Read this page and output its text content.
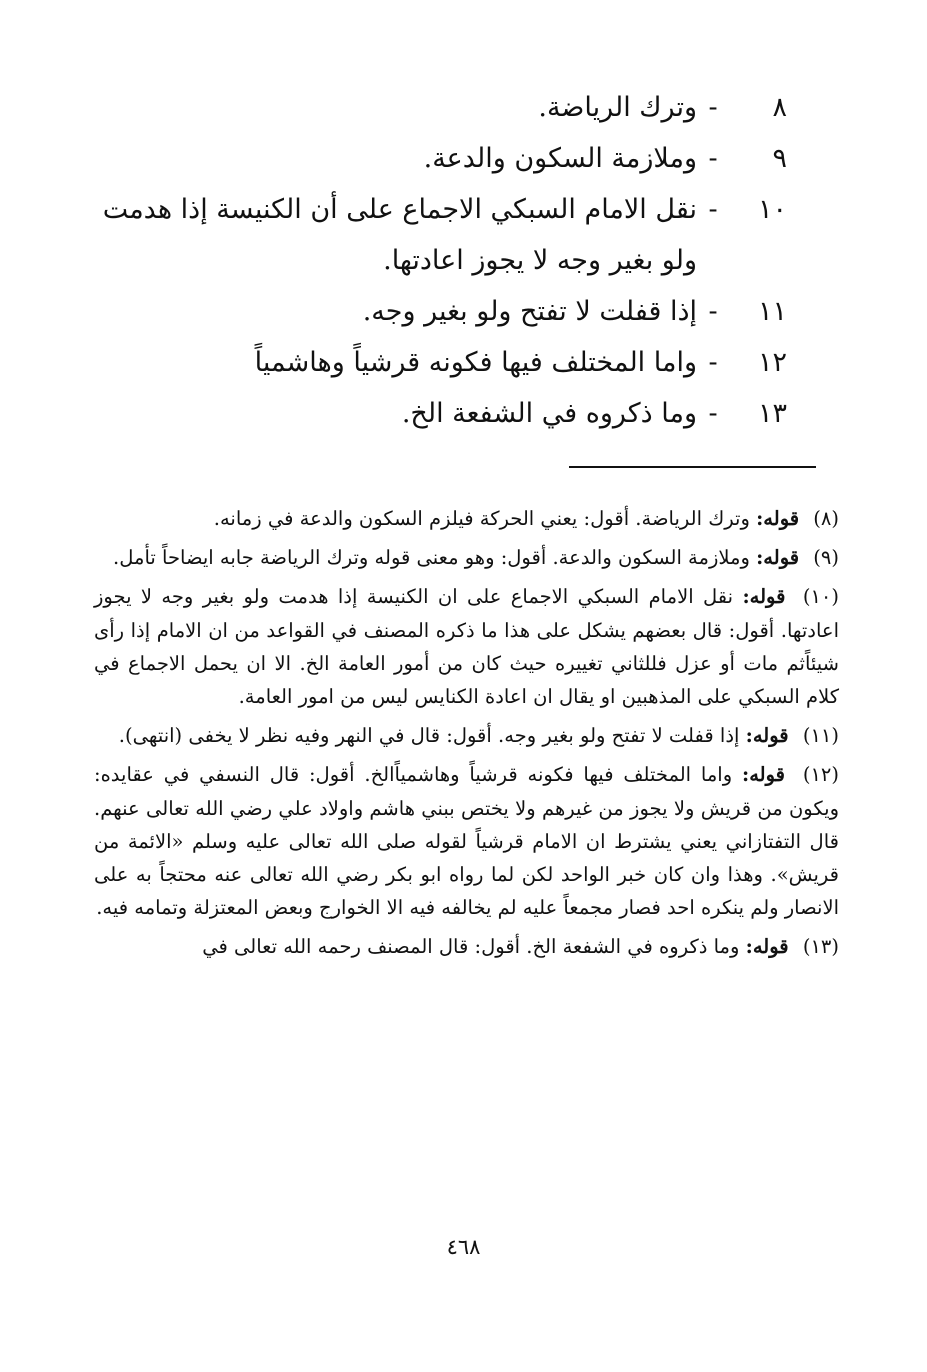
٨
-
وترك الرياضة.
٩
-
وملازمة السكون والدعة.
١٠
-
نقل الامام السبكي الاجماع على أن الكنيسة إذا هدمت ولو بغير وجه لا يجوز اعادتها.
١١
-
إذا قفلت لا تفتح ولو بغير وجه.
١٢
-
واما المختلف فيها فكونه قرشياً وهاشمياً
١٣
-
وما ذكروه في الشفعة الخ.

(٨) قوله: وترك الرياضة. أقول: يعني الحركة فيلزم السكون والدعة في زمانه.

(٩) قوله: وملازمة السكون والدعة. أقول: وهو معنى قوله وترك الرياضة جابه ايضاحاً تأمل.

(١٠) قوله: نقل الامام السبكي الاجماع على ان الكنيسة إذا هدمت ولو بغير وجه لا يجوز اعادتها. أقول: قال بعضهم يشكل على هذا ما ذكره المصنف في القواعد من ان الامام إذا رأى شيئاًثم مات أو عزل فللثاني تغييره حيث كان من أمور العامة الخ. الا ان يحمل الاجماع في كلام السبكي على المذهبين او يقال ان اعادة الكنايس ليس من امور العامة.

(١١) قوله: إذا قفلت لا تفتح ولو بغير وجه. أقول: قال في النهر وفيه نظر لا يخفى (انتهى).

(١٢) قوله: واما المختلف فيها فكونه قرشياً وهاشمياًالخ. أقول: قال النسفي في عقايده: ويكون من قريش ولا يجوز من غيرهم ولا يختص ببني هاشم واولاد علي رضي الله تعالى عنهم. قال التفتازاني يعني يشترط ان الامام قرشياً لقوله صلى الله تعالى عليه وسلم «الائمة من قريش». وهذا وان كان خبر الواحد لكن لما رواه ابو بكر رضي الله تعالى عنه محتجاً به على الانصار ولم ينكره احد فصار مجمعاً عليه لم يخالفه فيه الا الخوارج وبعض المعتزلة وتمامه فيه.

(١٣) قوله: وما ذكروه في الشفعة الخ. أقول: قال المصنف رحمه الله تعالى في

٤٦٨
